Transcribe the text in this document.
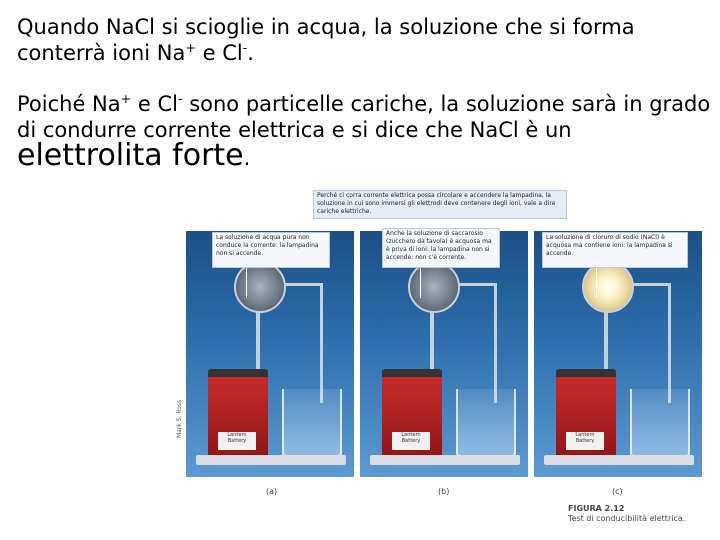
Quando NaCl si scioglie in acqua, la soluzione che si forma conterrà ioni Na+ e Cl-.

Poiché Na+ e Cl- sono particelle cariche, la soluzione sarà in grado di condurre corrente elettrica e si dice che NaCl è un elettrolita forte.

Perché ci corra corrente elettrica possa circolare e accendere la lampadina, la soluzione in cui sono immersi gli elettrodi deve contenere degli ioni, vale a dire cariche elettriche.
Lantern Battery
Lantern Battery
Lantern Battery
La soluzione di acqua pura non conduce la corrente: la lampadina non si accende.
Anche la soluzione di saccarosio (zucchero da tavola) è acquosa ma è priva di ioni: la lampadina non si accende: non c'è corrente.
La soluzione di cloruro di sodio (NaCl) è acquosa ma contiene ioni: la lampadina si accende.
Mark S. Ross
(a)	(b)	(c)
FIGURA 2.12
Test di conducibilità elettrica.
